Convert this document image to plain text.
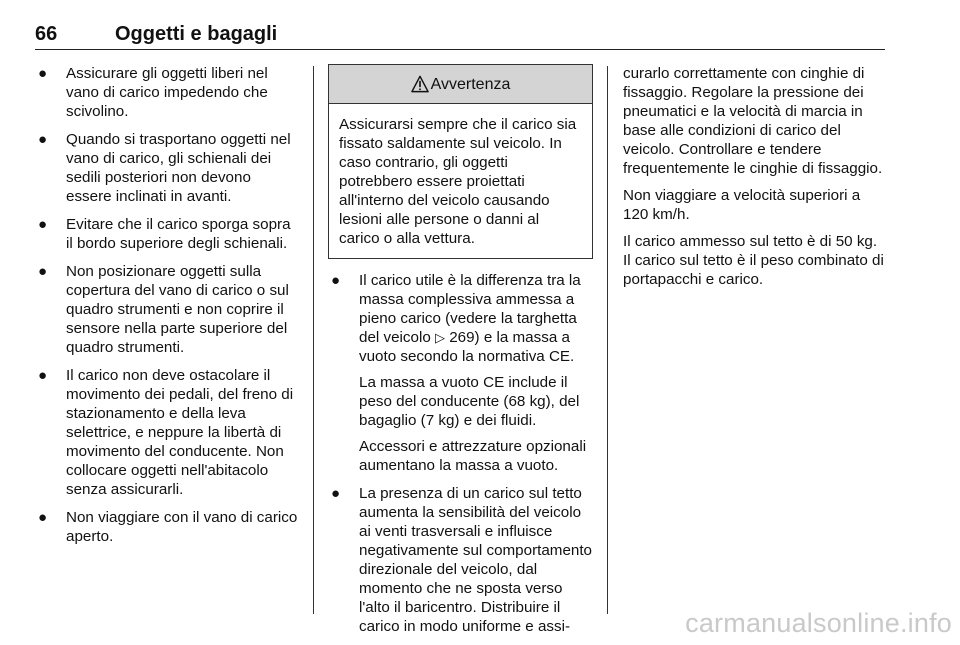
66	Oggetti e bagagli
● Assicurare gli oggetti liberi nel vano di carico impedendo che scivolino.
● Quando si trasportano oggetti nel vano di carico, gli schienali dei sedili posteriori non devono essere inclinati in avanti.
● Evitare che il carico sporga sopra il bordo superiore degli schienali.
● Non posizionare oggetti sulla copertura del vano di carico o sul quadro strumenti e non coprire il sensore nella parte superiore del quadro strumenti.
● Il carico non deve ostacolare il movimento dei pedali, del freno di stazionamento e della leva selettrice, e neppure la libertà di movimento del conducente. Non collocare oggetti nell'abitacolo senza assicurarli.
● Non viaggiare con il vano di carico aperto.
Avvertenza
Assicurarsi sempre che il carico sia fissato saldamente sul veicolo. In caso contrario, gli oggetti potrebbero essere proiettati all'interno del veicolo causando lesioni alle persone o danni al carico o alla vettura.
● Il carico utile è la differenza tra la massa complessiva ammessa a pieno carico (vedere la targhetta del veicolo ▷ 269) e la massa a vuoto secondo la normativa CE.
La massa a vuoto CE include il peso del conducente (68 kg), del bagaglio (7 kg) e dei fluidi.
Accessori e attrezzature opzionali aumentano la massa a vuoto.
● La presenza di un carico sul tetto aumenta la sensibilità del veicolo ai venti trasversali e influisce negativamente sul comportamento direzionale del veicolo, dal momento che ne sposta verso l'alto il baricentro. Distribuire il carico in modo uniforme e assi-

curarlo correttamente con cinghie di fissaggio. Regolare la pressione dei pneumatici e la velocità di marcia in base alle condizioni di carico del veicolo. Controllare e tendere frequentemente le cinghie di fissaggio.

Non viaggiare a velocità superiori a 120 km/h.

Il carico ammesso sul tetto è di 50 kg. Il carico sul tetto è il peso combinato di portapacchi e carico.

carmanualsonline.info
